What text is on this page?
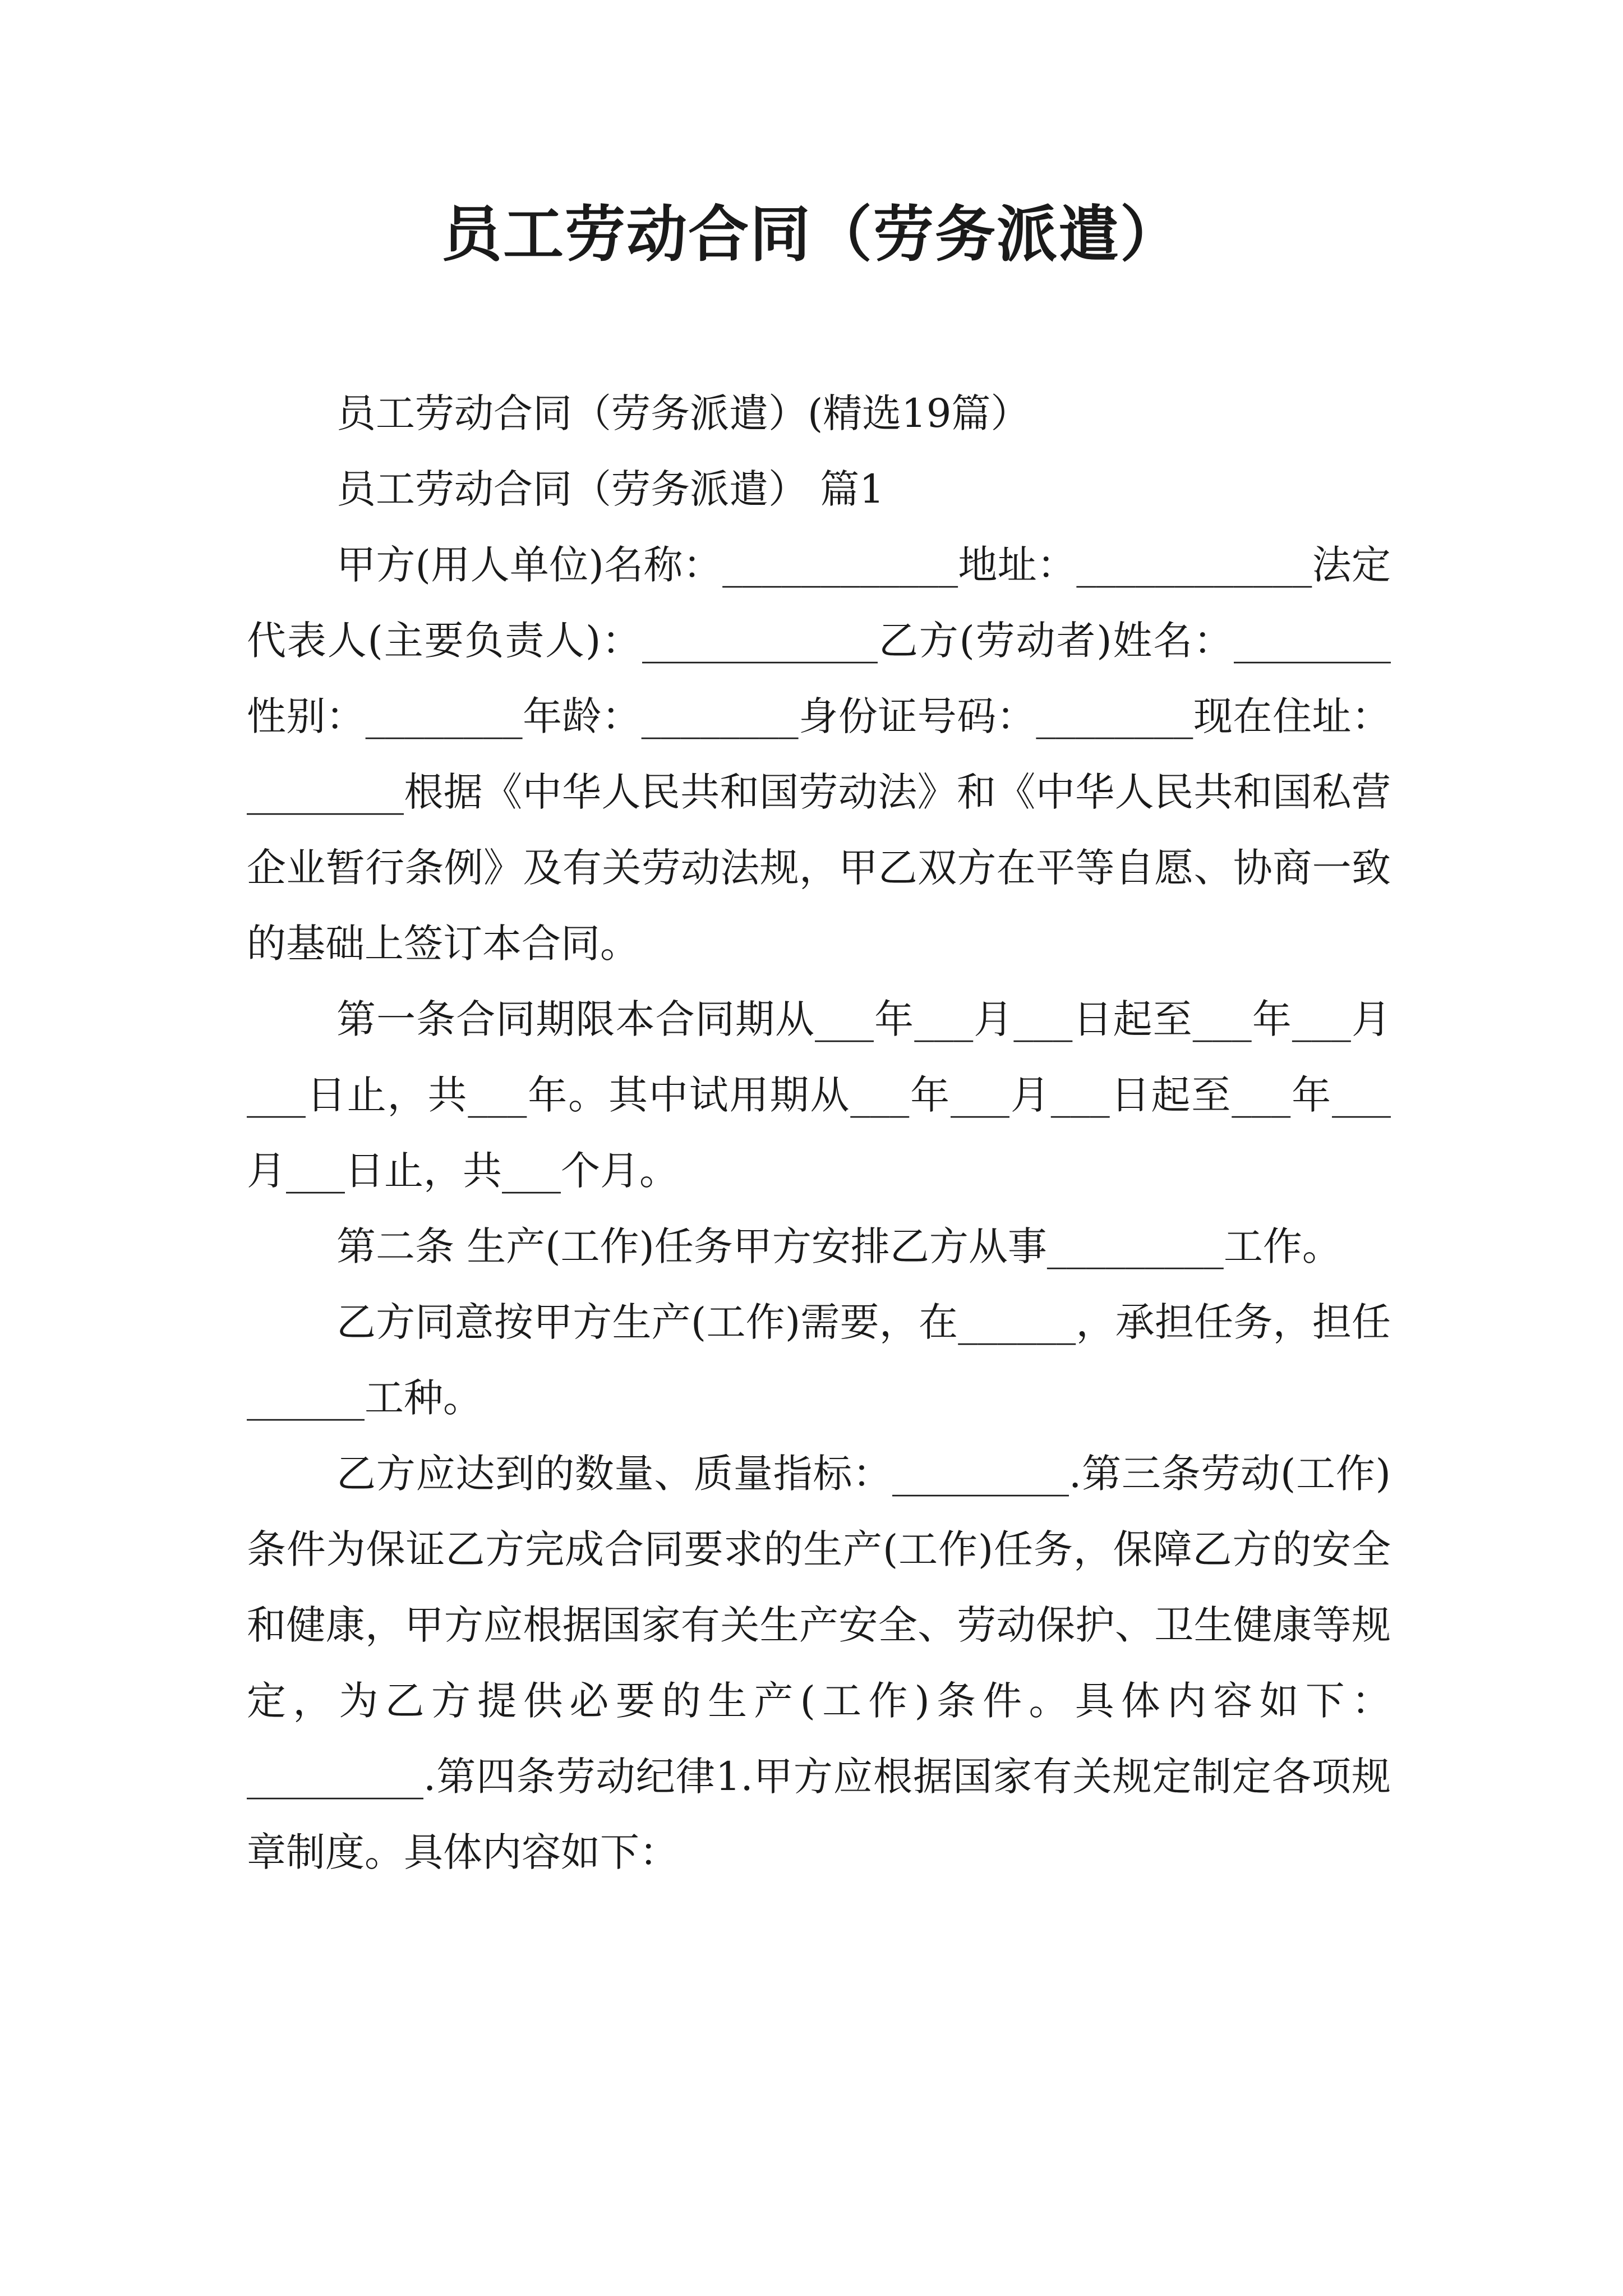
员工劳动合同（劳务派遣）

员工劳动合同（劳务派遣）(精选19篇）

员工劳动合同（劳务派遣） 篇1

甲方(用人单位)名称：____________地址：____________法定代表人(主要负责人)：____________乙方(劳动者)姓名：________性别：________年龄：________身份证号码：________现在住址：________根据《中华人民共和国劳动法》和《中华人民共和国私营企业暂行条例》及有关劳动法规，甲乙双方在平等自愿、协商一致的基础上签订本合同。

第一条合同期限本合同期从___年___月___日起至___年___月___日止，共___年。其中试用期从___年___月___日起至___年___月___日止，共___个月。

第二条 生产(工作)任务甲方安排乙方从事_________工作。

乙方同意按甲方生产(工作)需要，在______，承担任务，担任______工种。

乙方应达到的数量、质量指标：_________.第三条劳动(工作)条件为保证乙方完成合同要求的生产(工作)任务，保障乙方的安全和健康，甲方应根据国家有关生产安全、劳动保护、卫生健康等规定，为乙方提供必要的生产(工作)条件。具体内容如下：_________.第四条劳动纪律1.甲方应根据国家有关规定制定各项规章制度。具体内容如下：
